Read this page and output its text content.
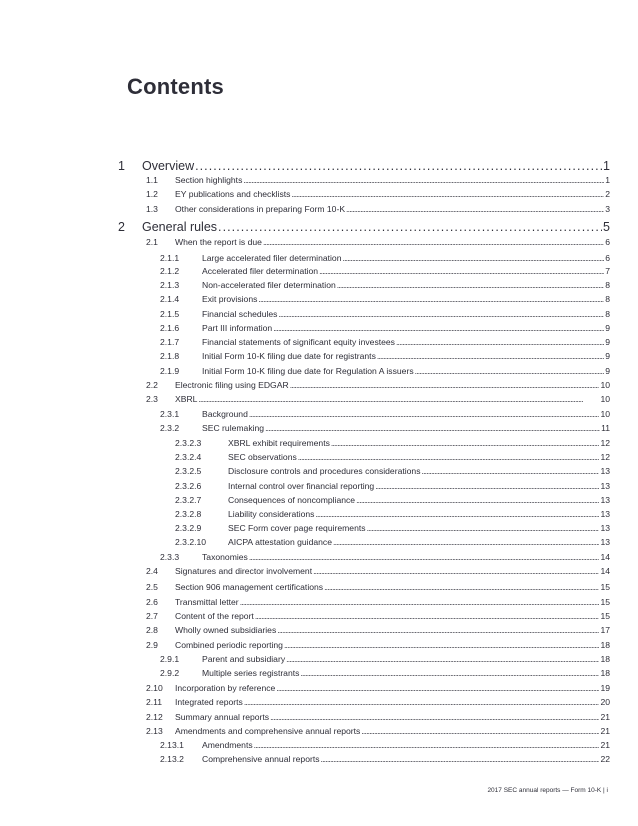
Contents
1	Overview . . .	1
1.1	Section highlights . . .	1
1.2	EY publications and checklists . . .	2
1.3	Other considerations in preparing Form 10-K . . .	3
2	General rules . . .	5
2.1	When the report is due . . .	6
2.1.1	Large accelerated filer determination . . .	6
2.1.2	Accelerated filer determination . . .	7
2.1.3	Non-accelerated filer determination . . .	8
2.1.4	Exit provisions . . .	8
2.1.5	Financial schedules . . .	8
2.1.6	Part III information . . .	9
2.1.7	Financial statements of significant equity investees . . .	9
2.1.8	Initial Form 10-K filing due date for registrants . . .	9
2.1.9	Initial Form 10-K filing due date for Regulation A issuers . . .	9
2.2	Electronic filing using EDGAR . . .	10
2.3	XBRL . . .	10
2.3.1	Background . . .	10
2.3.2	SEC rulemaking . . .	11
2.3.2.3	XBRL exhibit requirements . . .	12
2.3.2.4	SEC observations . . .	12
2.3.2.5	Disclosure controls and procedures considerations . . .	13
2.3.2.6	Internal control over financial reporting . . .	13
2.3.2.7	Consequences of noncompliance . . .	13
2.3.2.8	Liability considerations . . .	13
2.3.2.9	SEC Form cover page requirements . . .	13
2.3.2.10	AICPA attestation guidance . . .	13
2.3.3	Taxonomies . . .	14
2.4	Signatures and director involvement . . .	14
2.5	Section 906 management certifications . . .	15
2.6	Transmittal letter . . .	15
2.7	Content of the report . . .	15
2.8	Wholly owned subsidiaries . . .	17
2.9	Combined periodic reporting . . .	18
2.9.1	Parent and subsidiary . . .	18
2.9.2	Multiple series registrants . . .	18
2.10	Incorporation by reference . . .	19
2.11	Integrated reports . . .	20
2.12	Summary annual reports . . .	21
2.13	Amendments and comprehensive annual reports . . .	21
2.13.1	Amendments . . .	21
2.13.2	Comprehensive annual reports . . .	22

2017 SEC annual reports — Form 10-K | i
